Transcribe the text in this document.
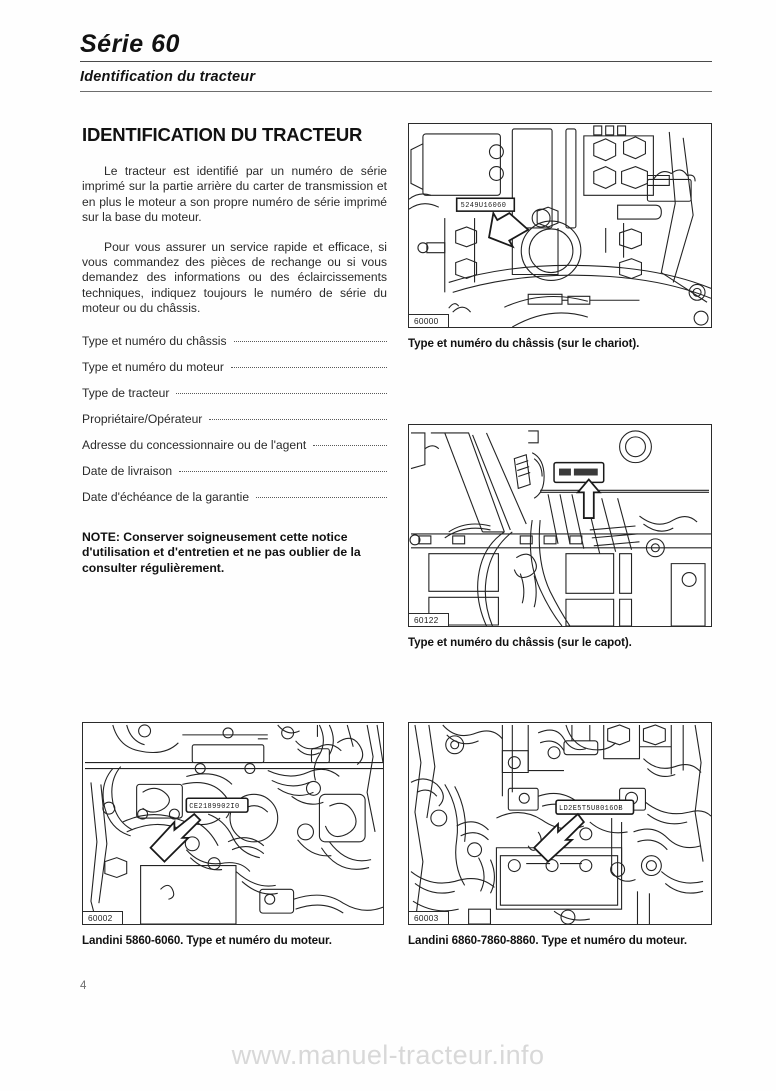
Série 60
Identification du tracteur
IDENTIFICATION DU TRACTEUR
Le tracteur est identifié par un numéro de série imprimé sur la partie arrière du carter de transmission et en plus le moteur a son propre numéro de série imprimé sur la base du moteur.
Pour vous assurer un service rapide et efficace, si vous commandez des pièces de rechange ou si vous demandez des informations ou des éclaircissements techniques, indiquez toujours le numéro de série du moteur ou du châssis.
Type et numéro du châssis
Type et numéro du moteur
Type de tracteur
Propriétaire/Opérateur
Adresse du concessionnaire ou de l'agent
Date de livraison
Date d'échéance de la garantie
NOTE: Conserver soigneusement cette notice d'utilisation et d'entretien et ne pas oublier de la consulter régulièrement.
5249U16060
60000
Type et numéro du châssis (sur le chariot).
60122
Type et numéro du châssis (sur le capot).
CE2189902I0
60002
Landini 5860-6060. Type et numéro du moteur.
LD2E5T5U8016OB
60003
Landini 6860-7860-8860. Type et numéro du moteur.
4
www.manuel-tracteur.info
